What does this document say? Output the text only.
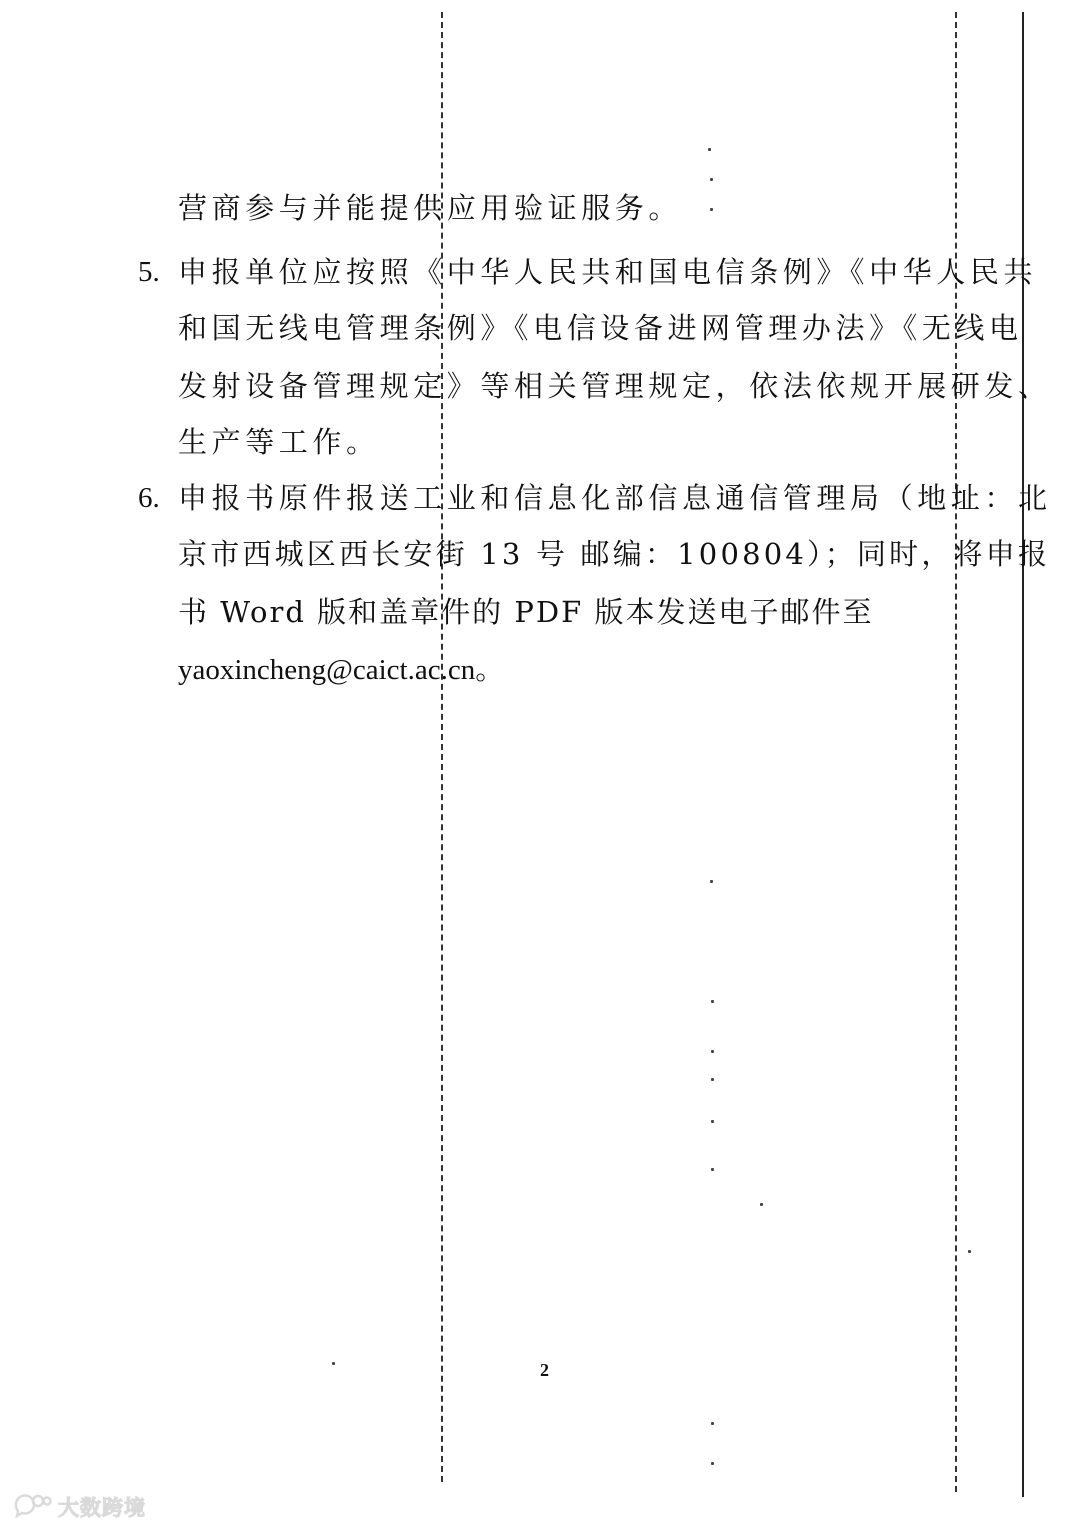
营商参与并能提供应用验证服务。
5. 申报单位应按照《中华人民共和国电信条例》《中华人民共
和国无线电管理条例》《电信设备进网管理办法》《无线电
发射设备管理规定》等相关管理规定，依法依规开展研发、
生产等工作。
6. 申报书原件报送工业和信息化部信息通信管理局（地址：北
京市西城区西长安街 13 号 邮编：100804）；同时，将申报
书 Word 版和盖章件的 PDF 版本发送电子邮件至
yaoxincheng@caict.ac.cn。
2
大数跨境
